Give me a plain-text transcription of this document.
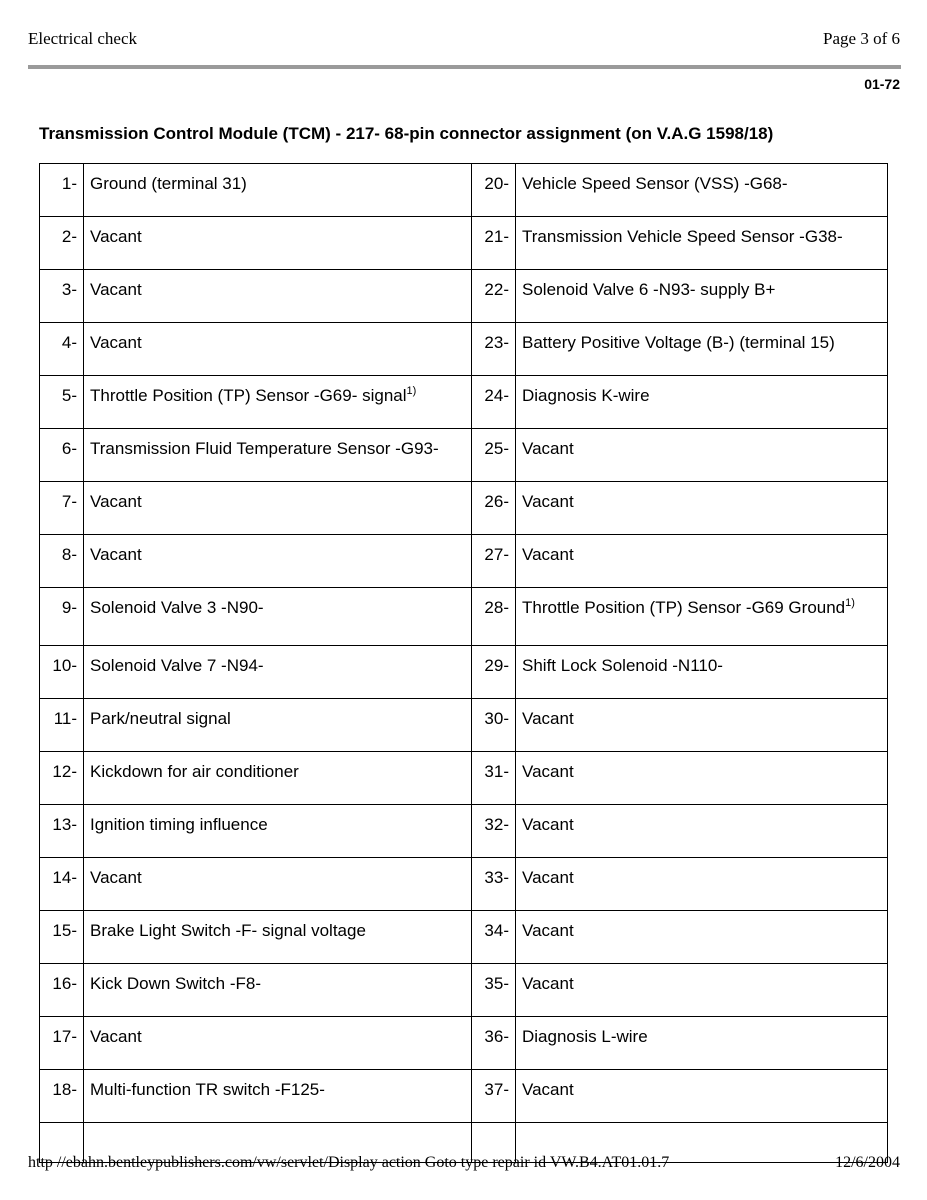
Electrical check	Page 3 of 6
01-72
Transmission Control Module (TCM) - 217- 68-pin connector assignment (on V.A.G 1598/18)
1-	Ground (terminal 31)	20-	Vehicle Speed Sensor (VSS) -G68-
2-	Vacant	21-	Transmission Vehicle Speed Sensor -G38-
3-	Vacant	22-	Solenoid Valve 6 -N93- supply B+
4-	Vacant	23-	Battery Positive Voltage (B-) (terminal 15)
5-	Throttle Position (TP) Sensor -G69- signal$^{1)}$	24-	Diagnosis K-wire
6-	Transmission Fluid Temperature Sensor -G93-	25-	Vacant
7-	Vacant	26-	Vacant
8-	Vacant	27-	Vacant
9-	Solenoid Valve 3 -N90-	28-	Throttle Position (TP) Sensor -G69 Ground$^{1)}$
10-	Solenoid Valve 7 -N94-	29-	Shift Lock Solenoid -N110-
11-	Park/neutral signal	30-	Vacant
12-	Kickdown for air conditioner	31-	Vacant
13-	Ignition timing influence	32-	Vacant
14-	Vacant	33-	Vacant
15-	Brake Light Switch -F- signal voltage	34-	Vacant
16-	Kick Down Switch -F8-	35-	Vacant
17-	Vacant	36-	Diagnosis L-wire
18-	Multi-function TR switch -F125-	37-	Vacant

http //ebahn.bentleypublishers.com/vw/servlet/Display action Goto type repair id VW.B4.AT01.01.7	12/6/2004
